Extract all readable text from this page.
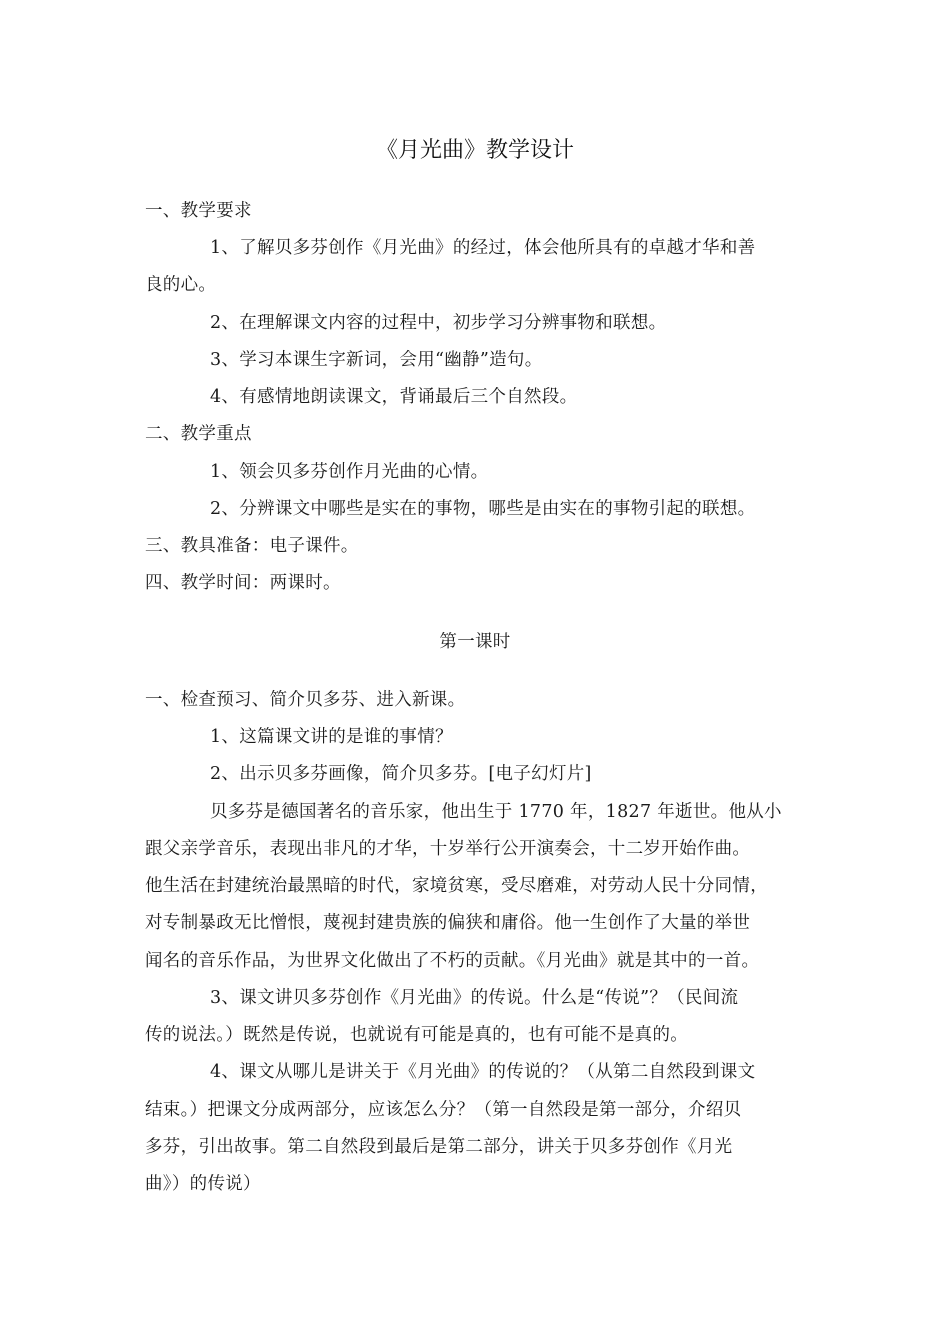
《月光曲》教学设计
一、教学要求
1、了解贝多芬创作《月光曲》的经过，体会他所具有的卓越才华和善
良的心。
2、在理解课文内容的过程中，初步学习分辨事物和联想。
3、学习本课生字新词，会用“幽静”造句。
4、有感情地朗读课文，背诵最后三个自然段。
二、教学重点
1、领会贝多芬创作月光曲的心情。
2、分辨课文中哪些是实在的事物，哪些是由实在的事物引起的联想。
三、教具准备：电子课件。
四、教学时间：两课时。
第一课时
一、检查预习、简介贝多芬、进入新课。
1、这篇课文讲的是谁的事情？
2、出示贝多芬画像，简介贝多芬。[电子幻灯片]
贝多芬是德国著名的音乐家，他出生于 1770 年，1827 年逝世。他从小
跟父亲学音乐，表现出非凡的才华，十岁举行公开演奏会，十二岁开始作曲。
他生活在封建统治最黑暗的时代，家境贫寒，受尽磨难，对劳动人民十分同情，
对专制暴政无比憎恨，蔑视封建贵族的偏狭和庸俗。他一生创作了大量的举世
闻名的音乐作品，为世界文化做出了不朽的贡献。《月光曲》就是其中的一首。
3、课文讲贝多芬创作《月光曲》的传说。什么是“传说”？（民间流
传的说法。）既然是传说，也就说有可能是真的，也有可能不是真的。
4、课文从哪儿是讲关于《月光曲》的传说的？（从第二自然段到课文
结束。）把课文分成两部分，应该怎么分？（第一自然段是第一部分，介绍贝
多芬，引出故事。第二自然段到最后是第二部分，讲关于贝多芬创作《月光
曲》）的传说）
